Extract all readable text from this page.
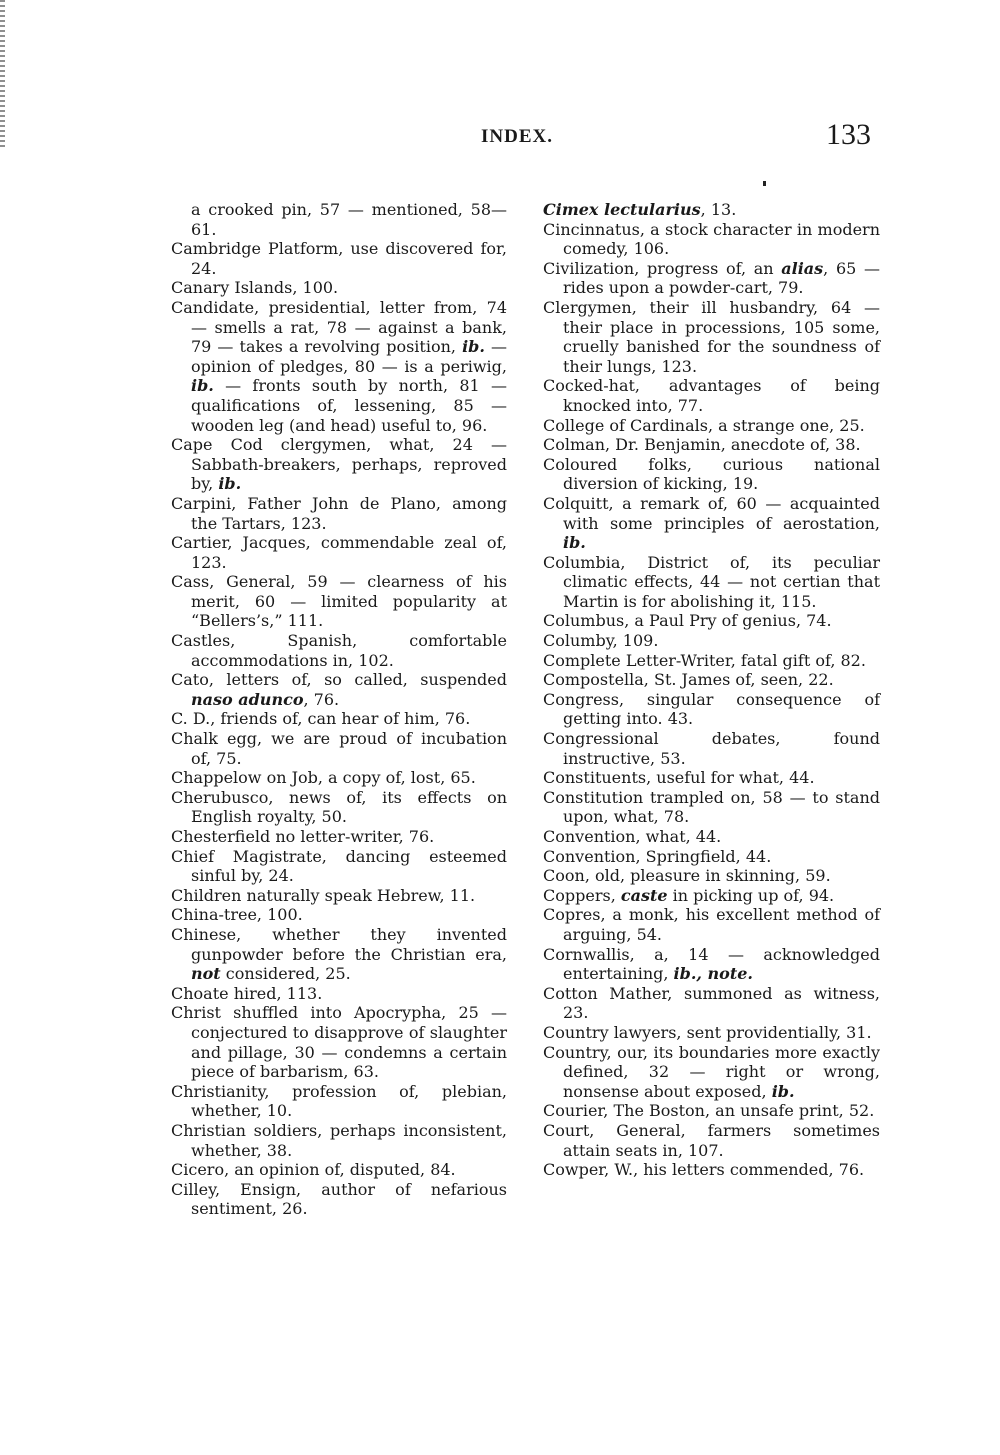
INDEX.	133

a crooked pin, 57 — mentioned, 58—61.

Cambridge Platform, use discovered for, 24.

Canary Islands, 100.

Candidate, presidential, letter from, 74 — smells a rat, 78 — against a bank, 79 — takes a revolving position, ib. — opinion of pledges, 80 — is a periwig, ib. — fronts south by north, 81 — qualifications of, lessening, 85 — wooden leg (and head) useful to, 96.

Cape Cod clergymen, what, 24 — Sabbath-breakers, perhaps, reproved by, ib.

Carpini, Father John de Plano, among the Tartars, 123.

Cartier, Jacques, commendable zeal of, 123.

Cass, General, 59 — clearness of his merit, 60 — limited popularity at “Bellers’s,” 111.

Castles, Spanish, comfortable accommodations in, 102.

Cato, letters of, so called, suspended naso adunco, 76.

C. D., friends of, can hear of him, 76.

Chalk egg, we are proud of incubation of, 75.

Chappelow on Job, a copy of, lost, 65.

Cherubusco, news of, its effects on English royalty, 50.

Chesterfield no letter-writer, 76.

Chief Magistrate, dancing esteemed sinful by, 24.

Children naturally speak Hebrew, 11.

China-tree, 100.

Chinese, whether they invented gunpowder before the Christian era, not considered, 25.

Choate hired, 113.

Christ shuffled into Apocrypha, 25 — conjectured to disapprove of slaughter and pillage, 30 — condemns a certain piece of barbarism, 63.

Christianity, profession of, plebian, whether, 10.

Christian soldiers, perhaps inconsistent, whether, 38.

Cicero, an opinion of, disputed, 84.

Cilley, Ensign, author of nefarious sentiment, 26.

Cimex lectularius, 13.

Cincinnatus, a stock character in modern comedy, 106.

Civilization, progress of, an alias, 65 — rides upon a powder-cart, 79.

Clergymen, their ill husbandry, 64 — their place in processions, 105 some, cruelly banished for the soundness of their lungs, 123.

Cocked-hat, advantages of being knocked into, 77.

College of Cardinals, a strange one, 25.

Colman, Dr. Benjamin, anecdote of, 38.

Coloured folks, curious national diversion of kicking, 19.

Colquitt, a remark of, 60 — acquainted with some principles of aerostation, ib.

Columbia, District of, its peculiar climatic effects, 44 — not certian that Martin is for abolishing it, 115.

Columbus, a Paul Pry of genius, 74.

Columby, 109.

Complete Letter-Writer, fatal gift of, 82.

Compostella, St. James of, seen, 22.

Congress, singular consequence of getting into. 43.

Congressional debates, found instructive, 53.

Constituents, useful for what, 44.

Constitution trampled on, 58 — to stand upon, what, 78.

Convention, what, 44.

Convention, Springfield, 44.

Coon, old, pleasure in skinning, 59.

Coppers, caste in picking up of, 94.

Copres, a monk, his excellent method of arguing, 54.

Cornwallis, a, 14 — acknowledged entertaining, ib., note.

Cotton Mather, summoned as witness, 23.

Country lawyers, sent providentially, 31.

Country, our, its boundaries more exactly defined, 32 — right or wrong, nonsense about exposed, ib.

Courier, The Boston, an unsafe print, 52.

Court, General, farmers sometimes attain seats in, 107.

Cowper, W., his letters commended, 76.
